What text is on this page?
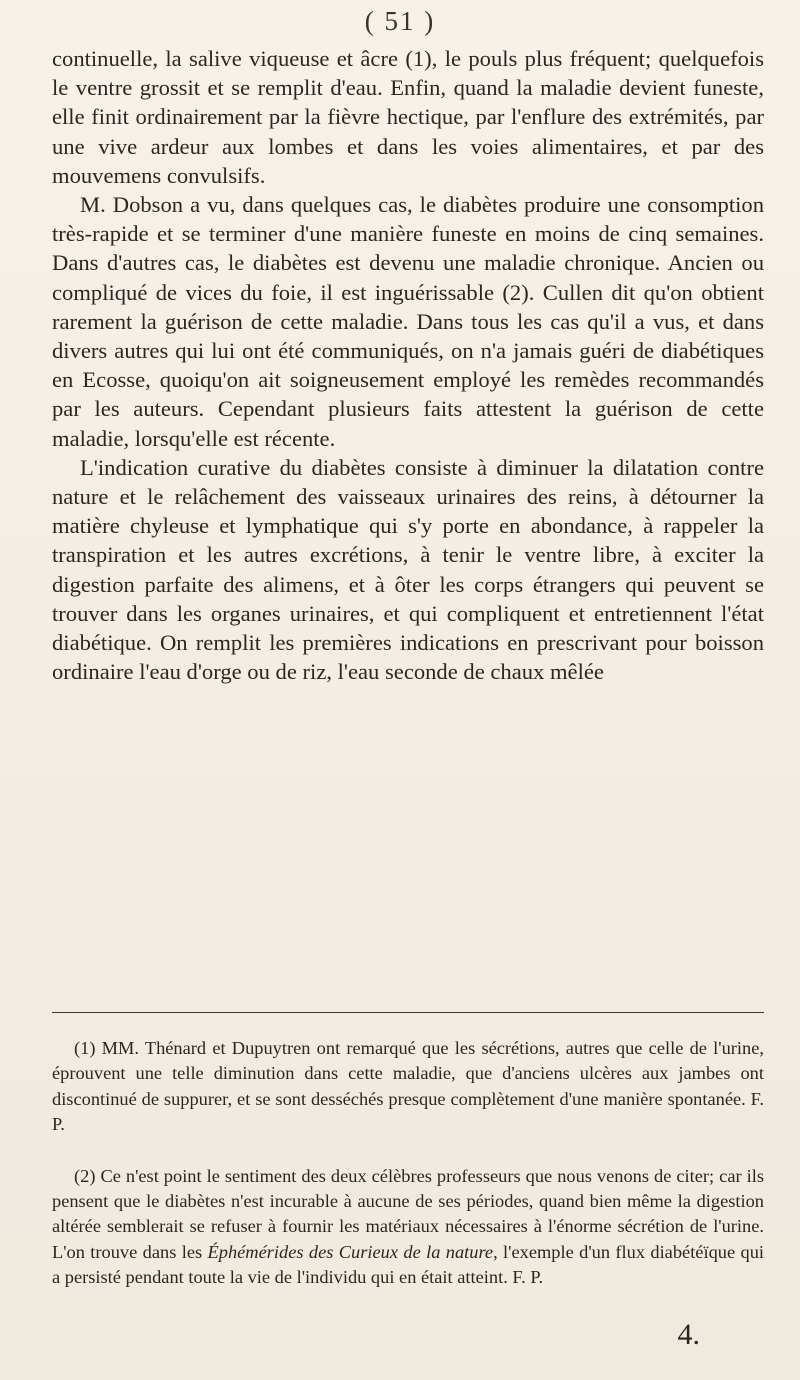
( 51 )

continuelle, la salive viqueuse et âcre (1), le pouls plus fréquent; quelquefois le ventre grossit et se remplit d'eau. Enfin, quand la maladie devient funeste, elle finit ordinairement par la fièvre hectique, par l'enflure des extrémités, par une vive ardeur aux lombes et dans les voies alimentaires, et par des mouvemens convulsifs.

M. Dobson a vu, dans quelques cas, le diabètes produire une consomption très-rapide et se terminer d'une manière funeste en moins de cinq semaines. Dans d'autres cas, le diabètes est devenu une maladie chronique. Ancien ou compliqué de vices du foie, il est inguérissable (2). Cullen dit qu'on obtient rarement la guérison de cette maladie. Dans tous les cas qu'il a vus, et dans divers autres qui lui ont été communiqués, on n'a jamais guéri de diabétiques en Ecosse, quoiqu'on ait soigneusement employé les remèdes recommandés par les auteurs. Cependant plusieurs faits attestent la guérison de cette maladie, lorsqu'elle est récente.

L'indication curative du diabètes consiste à diminuer la dilatation contre nature et le relâchement des vaisseaux urinaires des reins, à détourner la matière chyleuse et lymphatique qui s'y porte en abondance, à rappeler la transpiration et les autres excrétions, à tenir le ventre libre, à exciter la digestion parfaite des alimens, et à ôter les corps étrangers qui peuvent se trouver dans les organes urinaires, et qui compliquent et entretiennent l'état diabétique. On remplit les premières indications en prescrivant pour boisson ordinaire l'eau d'orge ou de riz, l'eau seconde de chaux mêlée

(1) MM. Thénard et Dupuytren ont remarqué que les sécrétions, autres que celle de l'urine, éprouvent une telle diminution dans cette maladie, que d'anciens ulcères aux jambes ont discontinué de suppurer, et se sont desséchés presque complètement d'une manière spontanée. F. P.

(2) Ce n'est point le sentiment des deux célèbres professeurs que nous venons de citer; car ils pensent que le diabètes n'est incurable à aucune de ses périodes, quand bien même la digestion altérée semblerait se refuser à fournir les matériaux nécessaires à l'énorme sécrétion de l'urine. L'on trouve dans les Éphémérides des Curieux de la nature, l'exemple d'un flux diabétéïque qui a persisté pendant toute la vie de l'individu qui en était atteint. F. P.

4.
